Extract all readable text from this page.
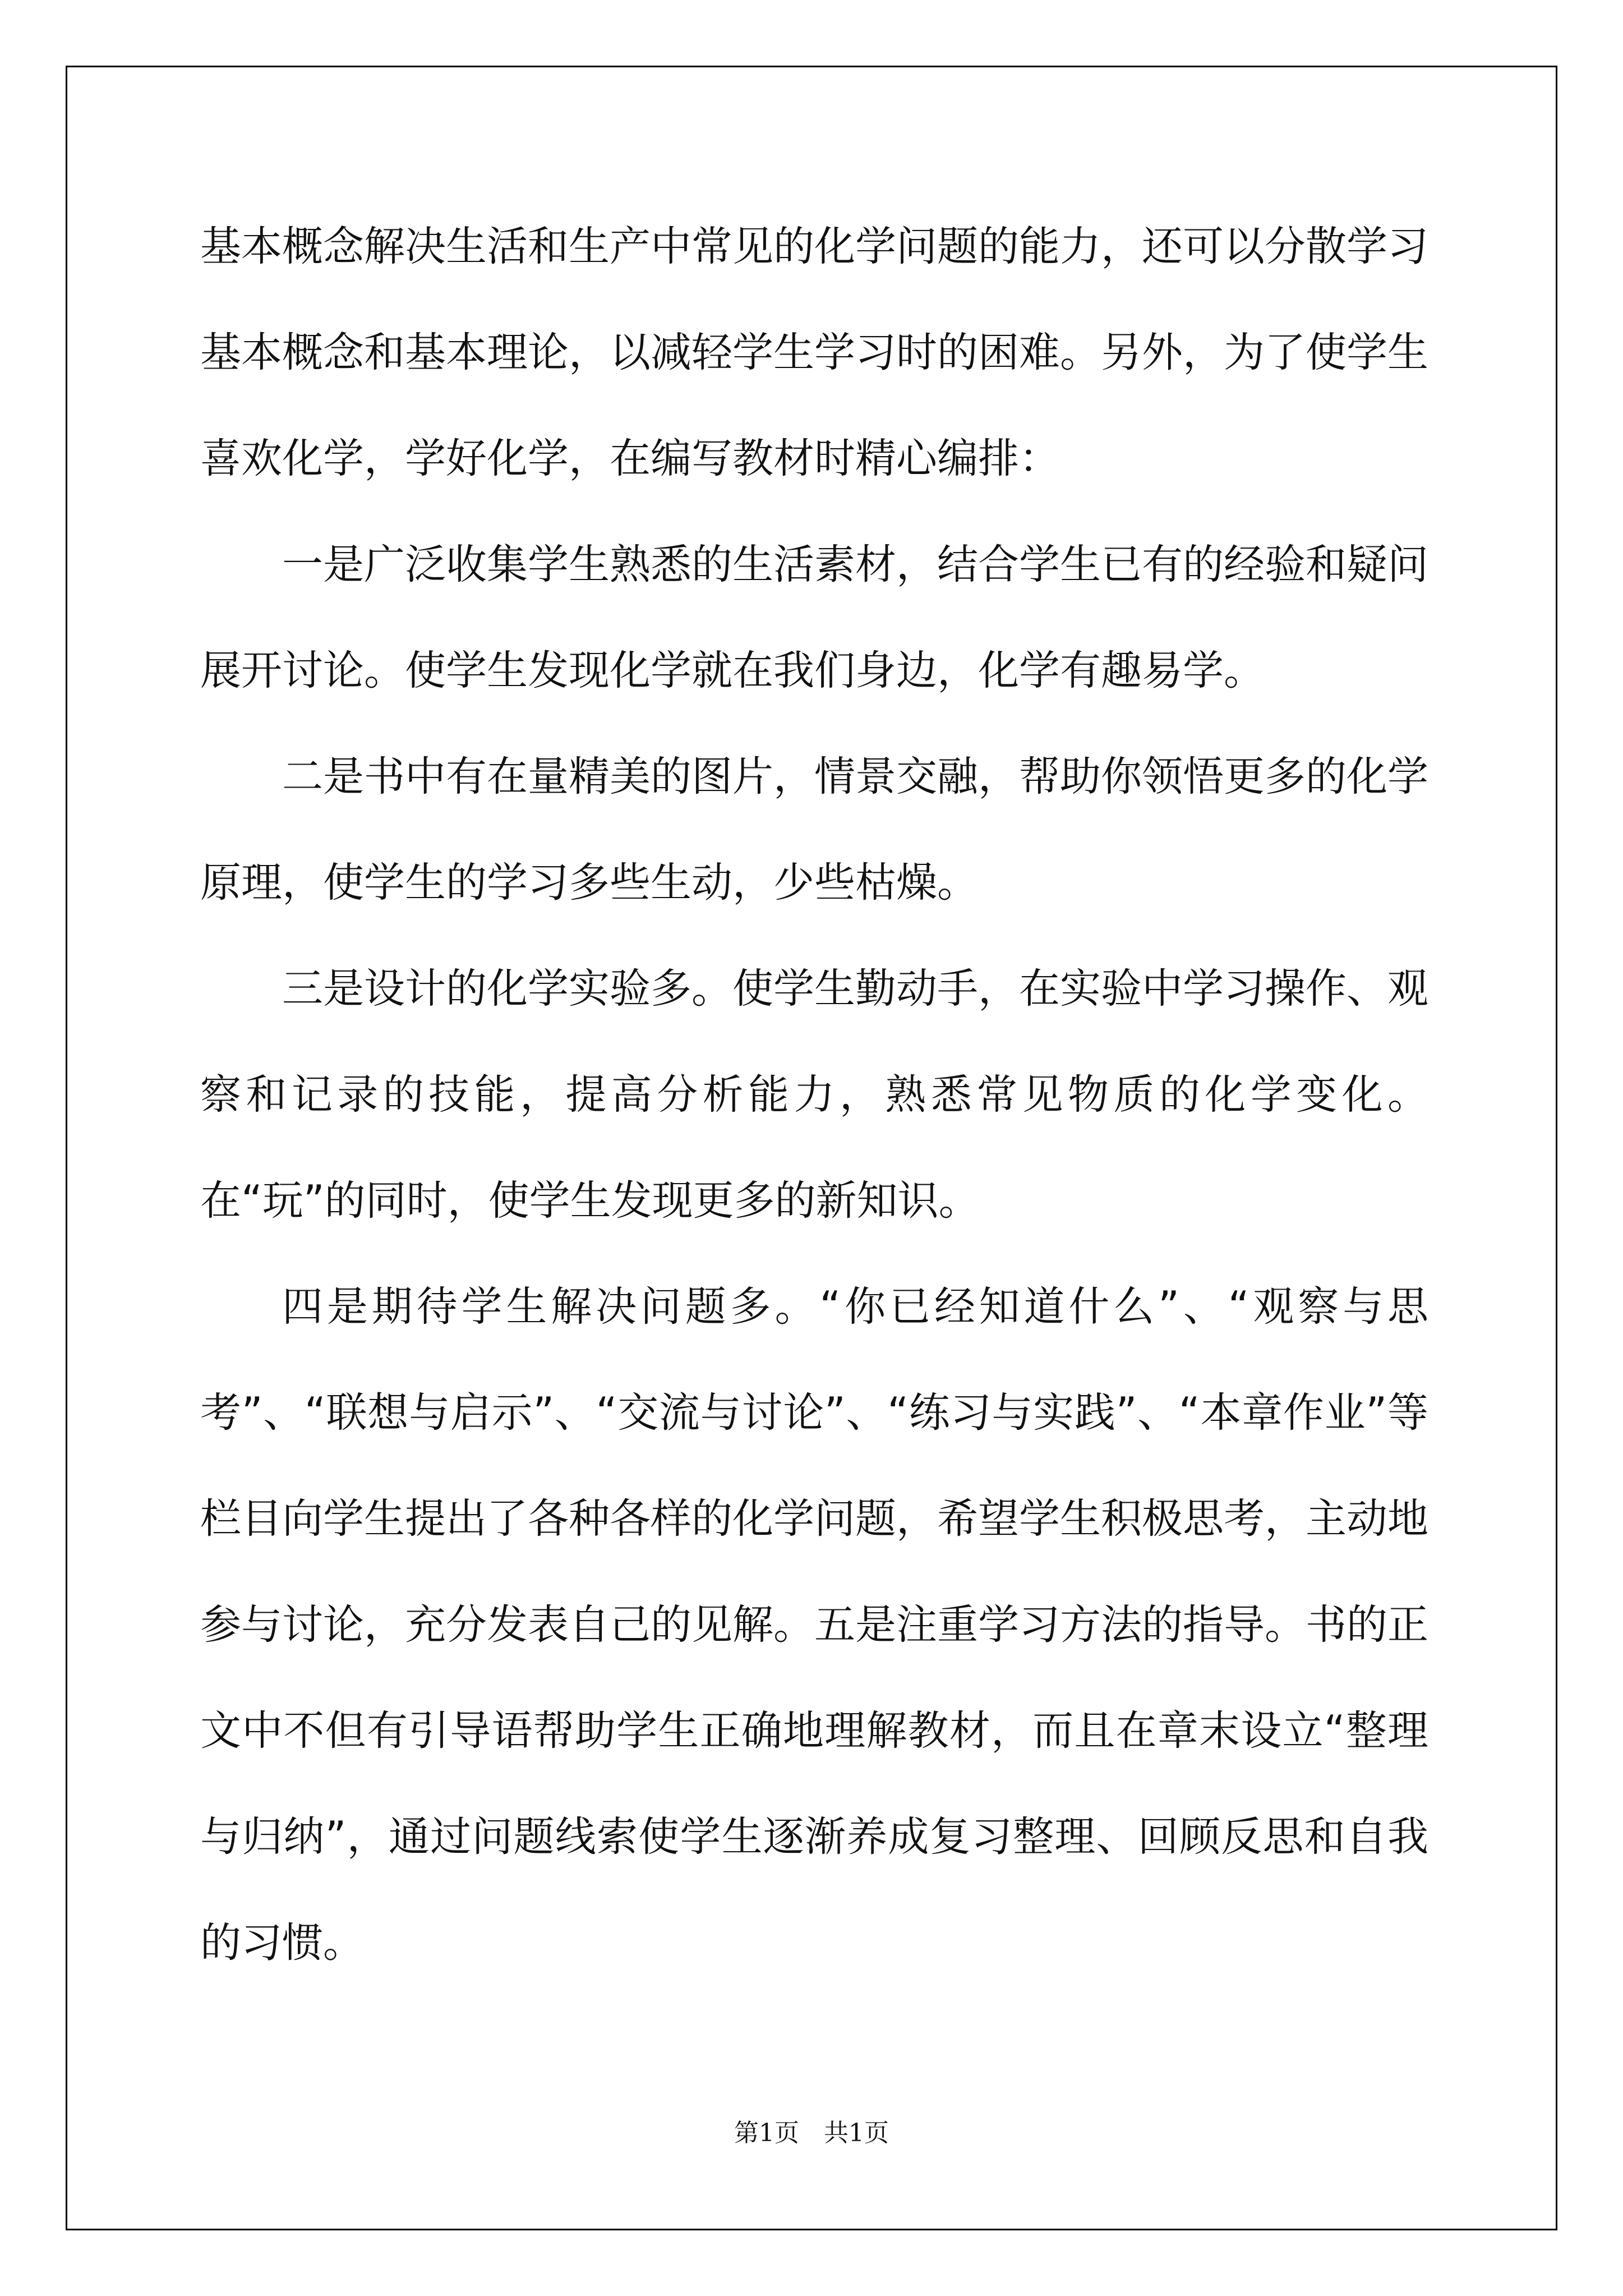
基本概念解决生活和生产中常见的化学问题的能力，还可以分散学习基本概念和基本理论，以减轻学生学习时的困难。另外，为了使学生喜欢化学，学好化学，在编写教材时精心编排：

一是广泛收集学生熟悉的生活素材，结合学生已有的经验和疑问展开讨论。使学生发现化学就在我们身边，化学有趣易学。

二是书中有在量精美的图片，情景交融，帮助你领悟更多的化学原理，使学生的学习多些生动，少些枯燥。

三是设计的化学实验多。使学生勤动手，在实验中学习操作、观察和记录的技能，提高分析能力，熟悉常见物质的化学变化。在“玩”的同时，使学生发现更多的新知识。

四是期待学生解决问题多。“你已经知道什么”、“观察与思考”、“联想与启示”、“交流与讨论”、“练习与实践”、“本章作业”等栏目向学生提出了各种各样的化学问题，希望学生积极思考，主动地参与讨论，充分发表自己的见解。五是注重学习方法的指导。书的正文中不但有引导语帮助学生正确地理解教材，而且在章末设立“整理与归纳”，通过问题线索使学生逐渐养成复习整理、回顾反思和自我的习惯。

第1页　共1页
